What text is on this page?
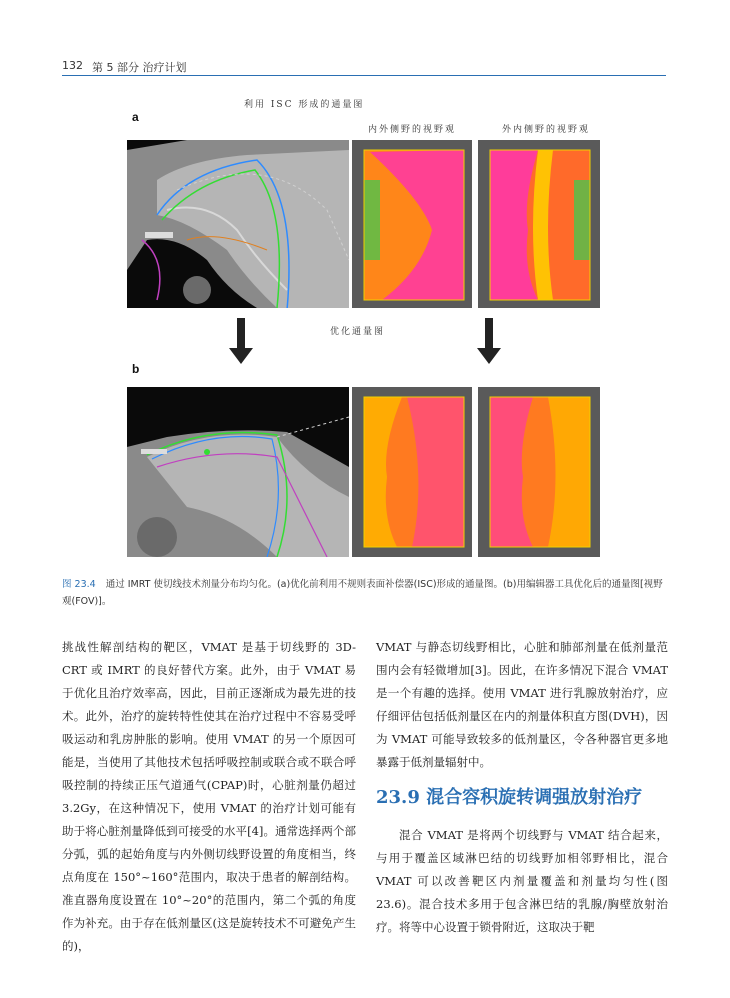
132 第 5 部分 治疗计划
利用 ISC 形成的通量图
a
内外侧野的视野观	外内侧野的视野观
优化通量图
b
图 23.4 通过 IMRT 使切线技术剂量分布均匀化。(a)优化前利用不规则表面补偿器(ISC)形成的通量图。(b)用编辑器工具优化后的通量图[视野观(FOV)]。

挑战性解剖结构的靶区，VMAT 是基于切线野的 3D-CRT 或 IMRT 的良好替代方案。此外，由于 VMAT 易于优化且治疗效率高，因此，目前正逐渐成为最先进的技术。此外，治疗的旋转特性使其在治疗过程中不容易受呼吸运动和乳房肿胀的影响。使用 VMAT 的另一个原因可能是，当使用了其他技术包括呼吸控制或联合或不联合呼吸控制的持续正压气道通气(CPAP)时，心脏剂量仍超过 3.2Gy，在这种情况下，使用 VMAT 的治疗计划可能有助于将心脏剂量降低到可接受的水平[4]。通常选择两个部分弧，弧的起始角度与内外侧切线野设置的角度相当，终点角度在 150°~160°范围内，取决于患者的解剖结构。准直器角度设置在 10°~20°的范围内，第二个弧的角度作为补充。由于存在低剂量区(这是旋转技术不可避免产生的)，

VMAT 与静态切线野相比，心脏和肺部剂量在低剂量范围内会有轻微增加[3]。因此，在许多情况下混合 VMAT 是一个有趣的选择。使用 VMAT 进行乳腺放射治疗，应仔细评估包括低剂量区在内的剂量体积直方图(DVH)，因为 VMAT 可能导致较多的低剂量区，令各种器官更多地暴露于低剂量辐射中。

23.9 混合容积旋转调强放射治疗

混合 VMAT 是将两个切线野与 VMAT 结合起来，与用于覆盖区域淋巴结的切线野加相邻野相比，混合 VMAT 可以改善靶区内剂量覆盖和剂量均匀性(图 23.6)。混合技术多用于包含淋巴结的乳腺/胸壁放射治疗。将等中心设置于锁骨附近，这取决于靶
